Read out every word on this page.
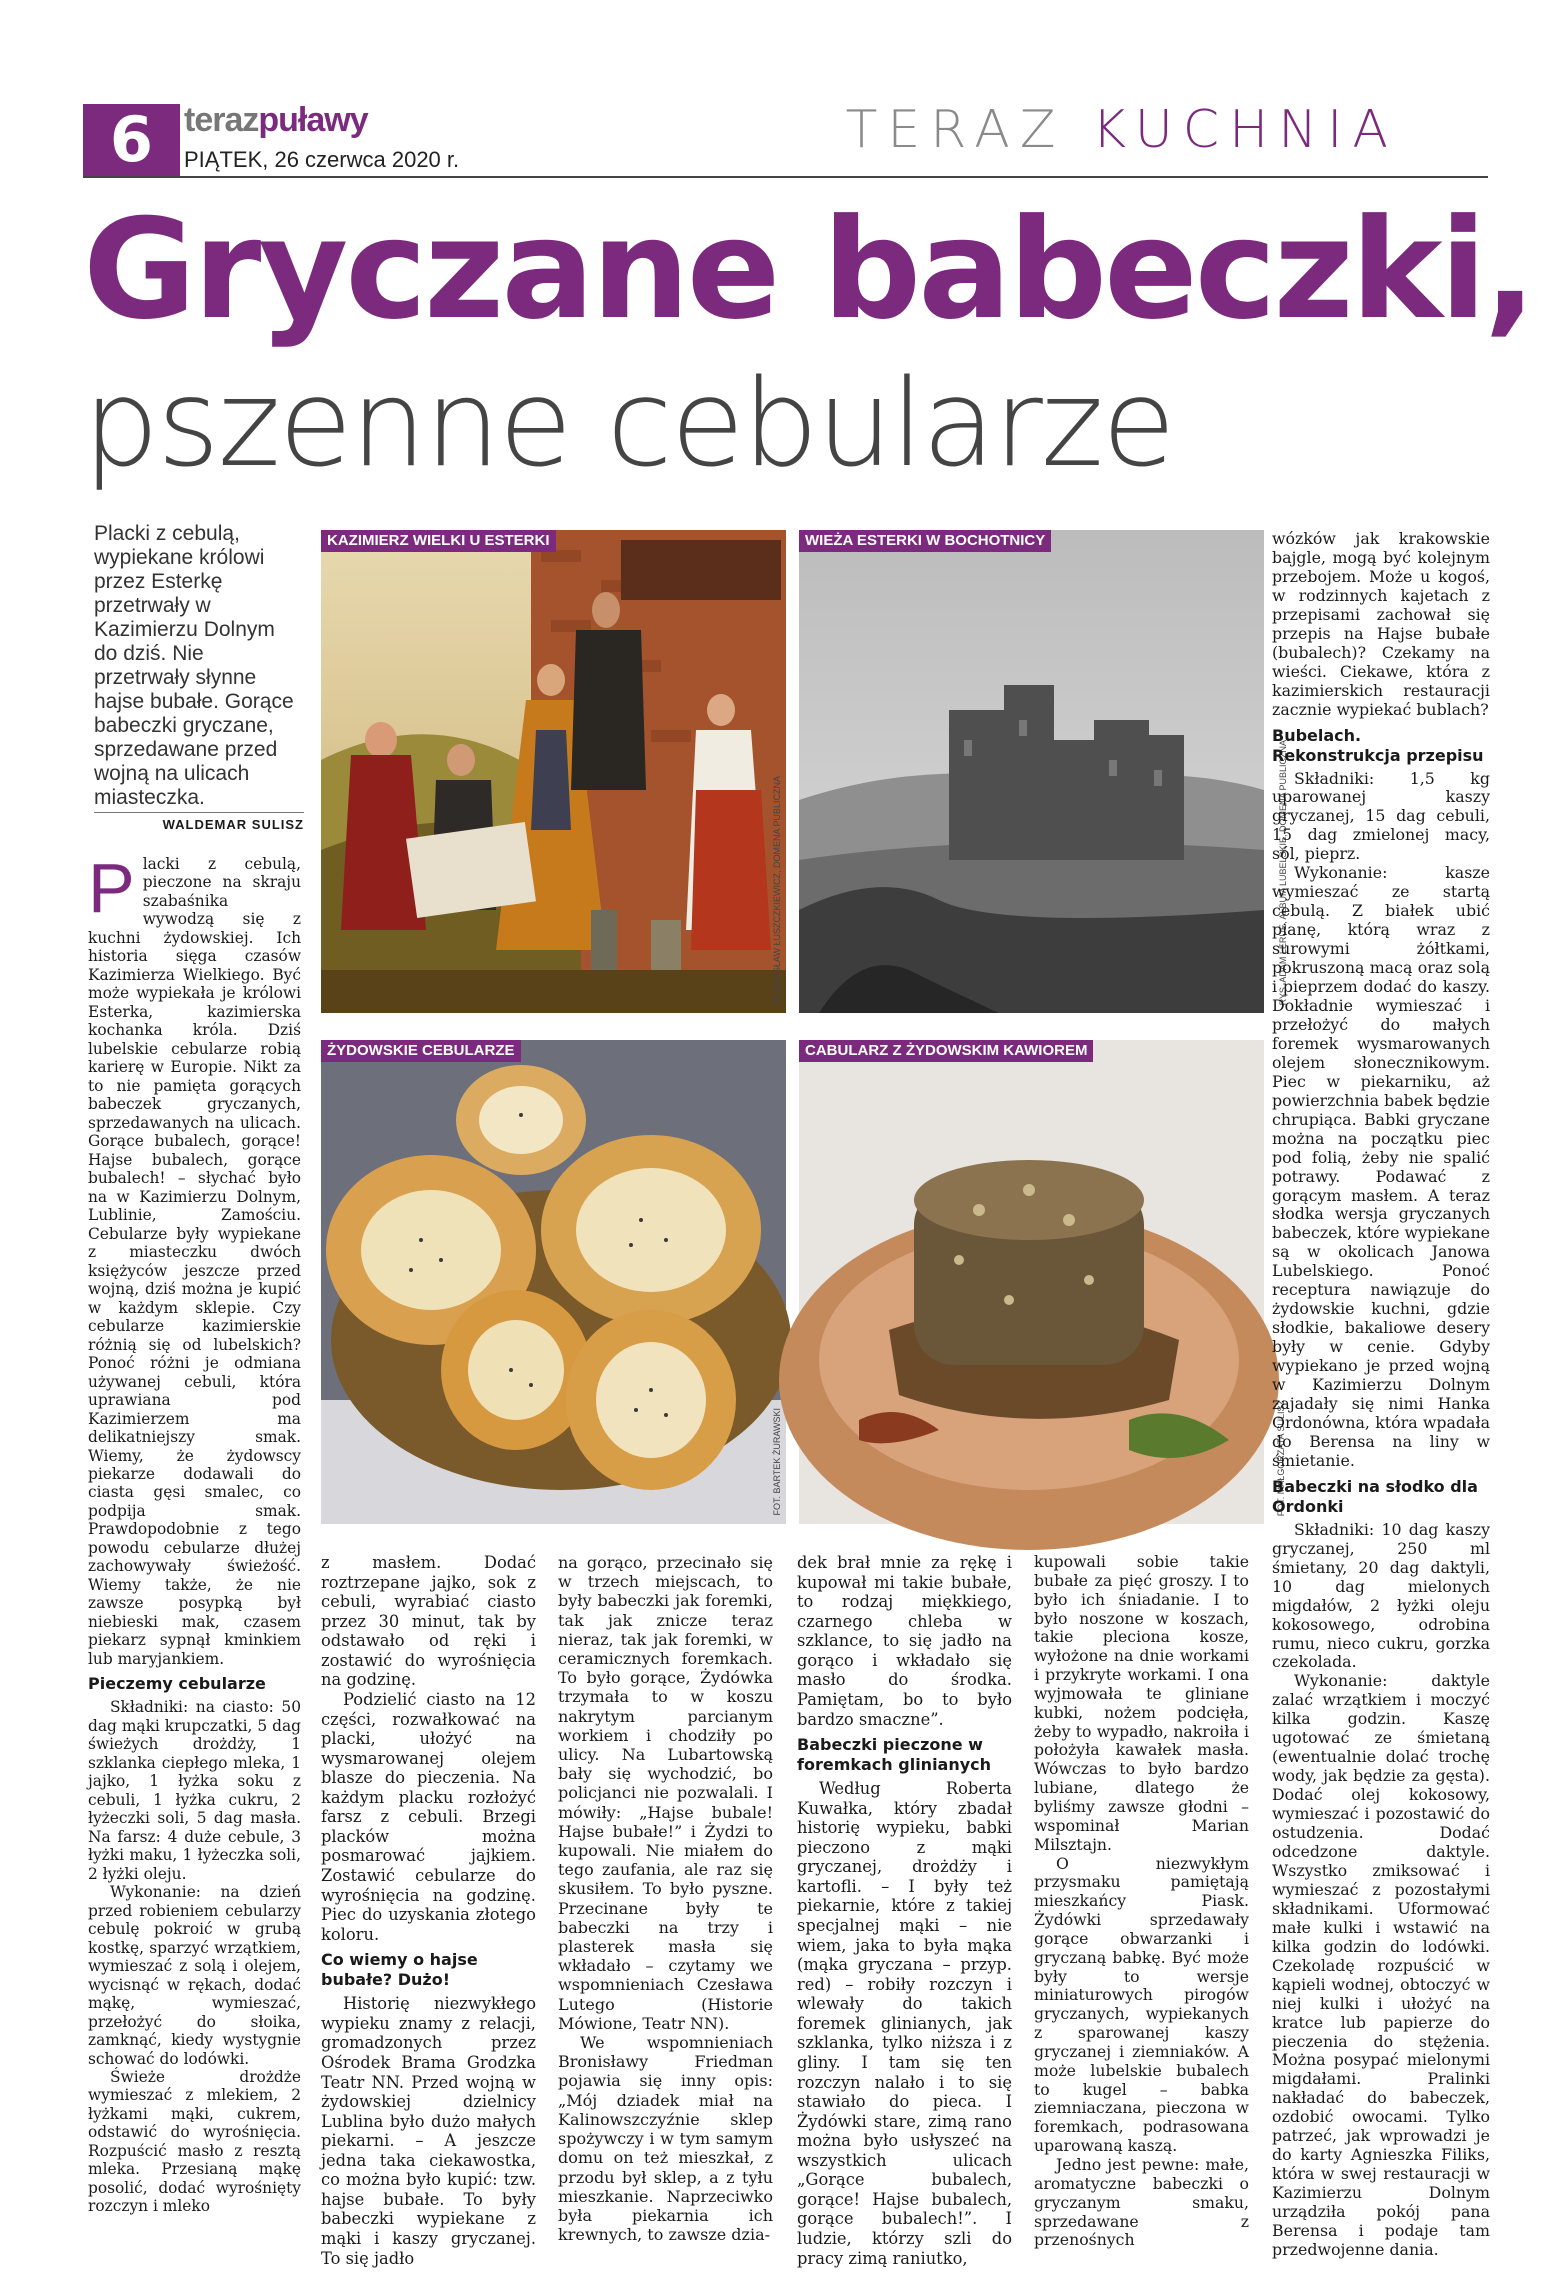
6 terazpuławy
PIĄTEK, 26 czerwca 2020 r.	TERAZ KUCHNIA
Gryczane babeczki,
pszenne cebularze
Placki z cebulą, wypiekane królowi przez Esterkę przetrwały w Kazimierzu Dolnym do dziś. Nie przetrwały słynne hajse bubałe. Gorące babeczki gryczane, sprzedawane przed wojną na ulicach miasteczka.
WALDEMAR SULISZ
KAZIMIERZ WIELKI U ESTERKI
WŁADYSŁAW ŁUSZCZKIEWICZ, DOMENA PUBLICZNA
WIEŻA ESTERKI W BOCHOTNICY
RYS. ADAM LERUE, ALBUM LUBELSKIE, DOMENA PUBLICZNA
ŻYDOWSKIE CEBULARZE
FOT. BARTEK ŻURAWSKI
CABULARZ Z ŻYDOWSKIM KAWIOREM
FOT. MAŁGORZATA SULISZ

Placki z cebulą, pieczone na skraju szabaśnika wywodzą się z kuchni żydowskiej. Ich historia sięga czasów Kazimierza Wielkiego. Być może wypiekała je królowi Esterka, kazimierska kochanka króla. Dziś lubelskie cebularze robią karierę w Europie. Nikt za to nie pamięta gorących babeczek gryczanych, sprzedawanych na ulicach. Gorące bubalech, gorące! Hajse bubalech, gorące bubalech! – słychać było na w Kazimierzu Dolnym, Lublinie, Zamościu. Cebularze były wypiekane z miasteczku dwóch księżyców jeszcze przed wojną, dziś można je kupić w każdym sklepie. Czy cebularze kazimierskie różnią się od lubelskich? Ponoć różni je odmiana używanej cebuli, która uprawiana pod Kazimierzem ma delikatniejszy smak. Wiemy, że żydowscy piekarze dodawali do ciasta gęsi smalec, co podpija smak. Prawdopodobnie z tego powodu cebularze dłużej zachowywały świeżość. Wiemy także, że nie zawsze posypką był niebieski mak, czasem piekarz sypnął kminkiem lub maryjankiem.

Pieczemy cebularze

Składniki: na ciasto: 50 dag mąki krupczatki, 5 dag świeżych drożdży, 1 szklanka ciepłego mleka, 1 jajko, 1 łyżka soku z cebuli, 1 łyżka cukru, 2 łyżeczki soli, 5 dag masła. Na farsz: 4 duże cebule, 3 łyżki maku, 1 łyżeczka soli, 2 łyżki oleju.

Wykonanie: na dzień przed robieniem cebularzy cebulę pokroić w grubą kostkę, sparzyć wrzątkiem, wymieszać z solą i olejem, wycisnąć w rękach, dodać mąkę, wymieszać, przełożyć do słoika, zamknąć, kiedy wystygnie schować do lodówki.

Świeże drożdże wymieszać z mlekiem, 2 łyżkami mąki, cukrem, odstawić do wyrośnięcia. Rozpuścić masło z resztą mleka. Przesianą mąkę posolić, dodać wyrośnięty rozczyn i mleko

z masłem. Dodać roztrzepane jajko, sok z cebuli, wyrabiać ciasto przez 30 minut, tak by odstawało od ręki i zostawić do wyrośnięcia na godzinę.

Podzielić ciasto na 12 części, rozwałkować na placki, ułożyć na wysmarowanej olejem blasze do pieczenia. Na każdym placku rozłożyć farsz z cebuli. Brzegi placków można posmarować jajkiem. Zostawić cebularze do wyrośnięcia na godzinę. Piec do uzyskania złotego koloru.

Co wiemy o hajse bubałe? Dużo!

Historię niezwykłego wypieku znamy z relacji, gromadzonych przez Ośrodek Brama Grodzka Teatr NN. Przed wojną w żydowskiej dzielnicy Lublina było dużo małych piekarni. – A jeszcze jedna taka ciekawostka, co można było kupić: tzw. hajse bubałe. To były babeczki wypiekane z mąki i kaszy gryczanej. To się jadło

na gorąco, przecinało się w trzech miejscach, to były babeczki jak foremki, tak jak znicze teraz nieraz, tak jak foremki, w ceramicznych foremkach. To było gorące, Żydówka trzymała to w koszu nakrytym parcianym workiem i chodziły po ulicy. Na Lubartowską bały się wychodzić, bo policjanci nie pozwalali. I mówiły: „Hajse bubale! Hajse bubałe!” i Żydzi to kupowali. Nie miałem do tego zaufania, ale raz się skusiłem. To było pyszne. Przecinane były te babeczki na trzy i plasterek masła się wkładało – czytamy we wspomnieniach Czesława Lutego (Historie Mówione, Teatr NN).

We wspomnieniach Bronisławy Friedman pojawia się inny opis: „Mój dziadek miał na Kalinowszczyźnie sklep spożywczy i w tym samym domu on też mieszkał, z przodu był sklep, a z tyłu mieszkanie. Naprzeciwko była piekarnia ich krewnych, to zawsze dzia-

dek brał mnie za rękę i kupował mi takie bubałe, to rodzaj miękkiego, czarnego chleba w szklance, to się jadło na gorąco i wkładało się masło do środka. Pamiętam, bo to było bardzo smaczne”.

Babeczki pieczone w foremkach glinianych

Według Roberta Kuwałka, który zbadał historię wypieku, babki pieczono z mąki gryczanej, drożdży i kartofli. – I były też piekarnie, które z takiej specjalnej mąki – nie wiem, jaka to była mąka (mąka gryczana – przyp. red) – robiły rozczyn i wlewały do takich foremek glinianych, jak szklanka, tylko niższa i z gliny. I tam się ten rozczyn nalało i to się stawiało do pieca. I Żydówki stare, zimą rano można było usłyszeć na wszystkich ulicach „Gorące bubalech, gorące! Hajse bubalech, gorące bubalech!”. I ludzie, którzy szli do pracy zimą raniutko,

kupowali sobie takie bubałe za pięć groszy. I to było ich śniadanie. I to było noszone w koszach, takie pleciona kosze, wyłożone na dnie workami i przykryte workami. I ona wyjmowała te gliniane kubki, nożem podcięła, żeby to wypadło, nakroiła i położyła kawałek masła. Wówczas to było bardzo lubiane, dlatego że byliśmy zawsze głodni – wspominał Marian Milsztajn.

O niezwykłym przysmaku pamiętają mieszkańcy Piask. Żydówki sprzedawały gorące obwarzanki i gryczaną babkę. Być może były to wersje miniaturowych pirogów gryczanych, wypiekanych z sparowanej kaszy gryczanej i ziemniaków. A może lubelskie bubalech to kugel – babka ziemniaczana, pieczona w foremkach, podrasowana uparowaną kaszą.

Jedno jest pewne: małe, aromatyczne babeczki o gryczanym smaku, sprzedawane z przenośnych

wózków jak krakowskie bajgle, mogą być kolejnym przebojem. Może u kogoś, w rodzinnych kajetach z przepisami zachował się przepis na Hajse bubałe (bubalech)? Czekamy na wieści. Ciekawe, która z kazimierskich restauracji zacznie wypiekać bublach?

Bubelach. Rekonstrukcja przepisu

Składniki: 1,5 kg uparowanej kaszy gryczanej, 15 dag cebuli, 15 dag zmielonej macy, sól, pieprz.

Wykonanie: kasze wymieszać ze startą cebulą. Z białek ubić pianę, którą wraz z surowymi żółtkami, pokruszoną macą oraz solą i pieprzem dodać do kaszy. Dokładnie wymieszać i przełożyć do małych foremek wysmarowanych olejem słonecznikowym. Piec w piekarniku, aż powierzchnia babek będzie chrupiąca. Babki gryczane można na początku piec pod folią, żeby nie spalić potrawy. Podawać z gorącym masłem. A teraz słodka wersja gryczanych babeczek, które wypiekane są w okolicach Janowa Lubelskiego. Ponoć receptura nawiązuje do żydowskie kuchni, gdzie słodkie, bakaliowe desery były w cenie. Gdyby wypiekano je przed wojną w Kazimierzu Dolnym zajadały się nimi Hanka Ordonówna, która wpadała do Berensa na liny w śmietanie.

Babeczki na słodko dla Ordonki

Składniki: 10 dag kaszy gryczanej, 250 ml śmietany, 20 dag daktyli, 10 dag mielonych migdałów, 2 łyżki oleju kokosowego, odrobina rumu, nieco cukru, gorzka czekolada.

Wykonanie: daktyle zalać wrzątkiem i moczyć kilka godzin. Kaszę ugotować ze śmietaną (ewentualnie dolać trochę wody, jak będzie za gęsta). Dodać olej kokosowy, wymieszać i pozostawić do ostudzenia. Dodać odcedzone daktyle. Wszystko zmiksować i wymieszać z pozostałymi składnikami. Uformować małe kulki i wstawić na kilka godzin do lodówki. Czekoladę rozpuścić w kąpieli wodnej, obtoczyć w niej kulki i ułożyć na kratce lub papierze do pieczenia do stężenia. Można posypać mielonymi migdałami. Pralinki nakładać do babeczek, ozdobić owocami. Tylko patrzeć, jak wprowadzi je do karty Agnieszka Filiks, która w swej restauracji w Kazimierzu Dolnym urządziła pokój pana Berensa i podaje tam przedwojenne dania.
